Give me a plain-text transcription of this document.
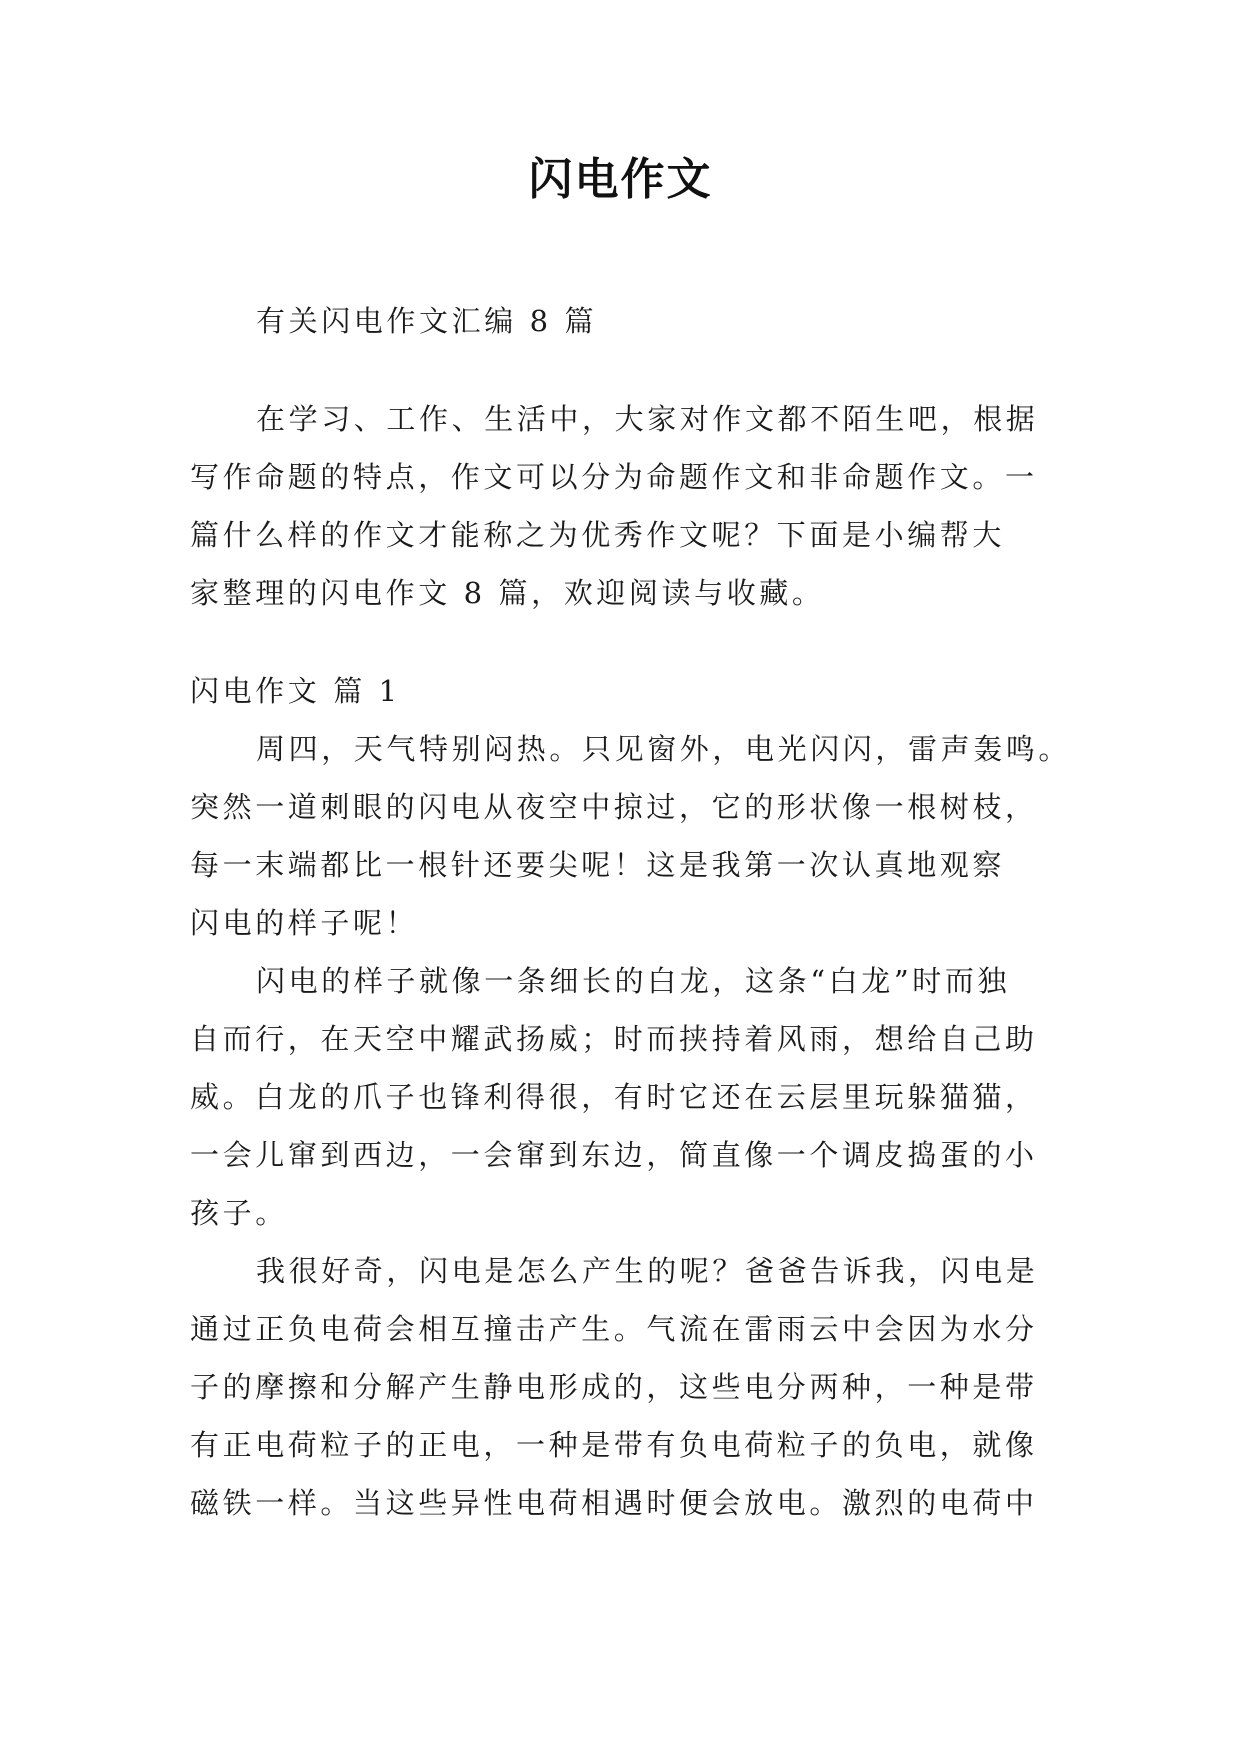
闪电作文
有关闪电作文汇编 8 篇
在学习、工作、生活中，大家对作文都不陌生吧，根据
写作命题的特点，作文可以分为命题作文和非命题作文。一
篇什么样的作文才能称之为优秀作文呢？下面是小编帮大
家整理的闪电作文 8 篇，欢迎阅读与收藏。
闪电作文 篇 1
周四，天气特别闷热。只见窗外，电光闪闪，雷声轰鸣。
突然一道刺眼的闪电从夜空中掠过，它的形状像一根树枝，
每一末端都比一根针还要尖呢！这是我第一次认真地观察
闪电的样子呢！
闪电的样子就像一条细长的白龙，这条“白龙”时而独
自而行，在天空中耀武扬威；时而挟持着风雨，想给自己助
威。白龙的爪子也锋利得很，有时它还在云层里玩躲猫猫，
一会儿窜到西边，一会窜到东边，简直像一个调皮捣蛋的小
孩子。
我很好奇，闪电是怎么产生的呢？爸爸告诉我，闪电是
通过正负电荷会相互撞击产生。气流在雷雨云中会因为水分
子的摩擦和分解产生静电形成的，这些电分两种，一种是带
有正电荷粒子的正电，一种是带有负电荷粒子的负电，就像
磁铁一样。当这些异性电荷相遇时便会放电。激烈的电荷中
